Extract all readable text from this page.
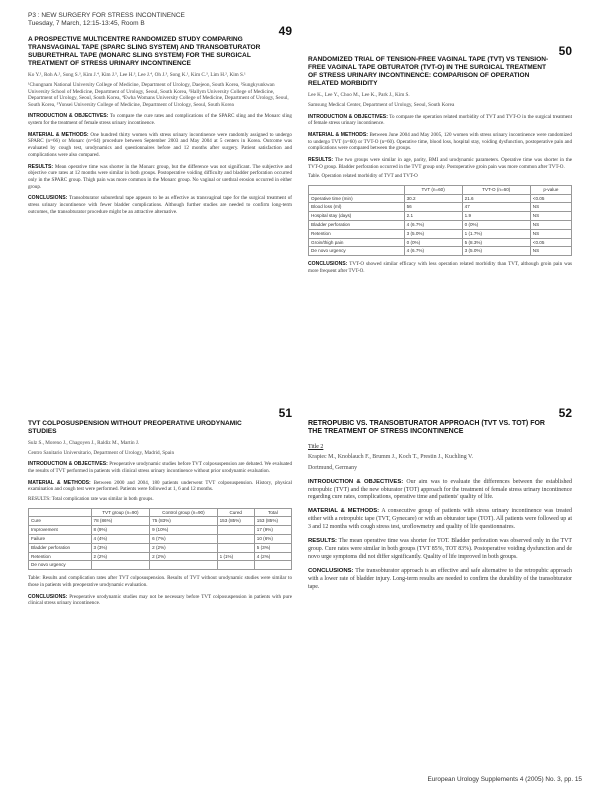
P3 : NEW SURGERY FOR STRESS INCONTINENCE
Tuesday, 7 March, 12:15-13:45, Room B
49
A PROSPECTIVE MULTICENTRE RANDOMIZED STUDY COMPARING TRANSVAGINAL TAPE (SPARC SLING SYSTEM) AND TRANSOBTURATOR SUBURETHRAL TAPE (MONARC SLING SYSTEM) FOR THE SURGICAL TREATMENT OF STRESS URINARY INCONTINENCE
Ko Y.¹, Roh A.², Song S.³, Kim J.⁴, Kim J.⁵, Lee H.³, Lee J.⁴, Oh J.³, Song K.¹, Kim C.³, Lim H.², Kim S.¹
¹Chungnam National University College of Medicine, Department of Urology, Daejeon, South Korea, ²Sungkyunkwan University School of Medicine, Department of Urology, Seoul, South Korea, ³Hallym University College of Medicine, Department of Urology, Seoul, South Korea, ⁴Ewha Womans University College of Medicine, Department of Urology, Seoul, South Korea, ⁵Yonsei University College of Medicine, Department of Urology, Seoul, South Korea
INTRODUCTION & OBJECTIVES: To compare the cure rates and complications of the SPARC sling and the Monarc sling system for the treatment of female stress urinary incontinence.
MATERIAL & METHODS: One hundred thirty women with stress urinary incontinence were randomly assigned to undergo SPARC (n=66) or Monarc (n=64) procedure between September 2003 and May 2004 at 5 centers in Korea. Outcome was evaluated by cough test, urodynamics and questionnaires before and 12 months after surgery. Patient satisfaction and complications were also compared.
RESULTS: Mean operative time was shorter in the Monarc group, but the difference was not significant. The subjective and objective cure rates at 12 months were similar in both groups. Postoperative voiding difficulty and bladder perforation occurred only in the SPARC group. Thigh pain was more common in the Monarc group. No vaginal or urethral erosion occurred in either group.
CONCLUSIONS: Transobturator suburethral tape appears to be as effective as transvaginal tape for the surgical treatment of stress urinary incontinence with fewer bladder complications. Although further studies are needed to confirm long-term outcomes, the transobturator procedure might be an attractive alternative.
50
RANDOMIZED TRIAL OF TENSION-FREE VAGINAL TAPE (TVT) VS TENSION-FREE VAGINAL TAPE OBTURATOR (TVT-O) IN THE SURGICAL TREATMENT OF STRESS URINARY INCONTINENCE: COMPARISON OF OPERATION RELATED MORBIDITY
Lee K., Lee Y., Choo M., Lee K., Park J., Kim S.
Samsung Medical Center, Department of Urology, Seoul, South Korea
INTRODUCTION & OBJECTIVES: To compare the operation related morbidity of TVT and TVT-O in the surgical treatment of female stress urinary incontinence.
MATERIAL & METHODS: Between June 2004 and May 2005, 120 women with stress urinary incontinence were randomized to undergo TVT (n=60) or TVT-O (n=60). Operative time, blood loss, hospital stay, voiding dysfunction, postoperative pain and complications were compared between the groups.
RESULTS: The two groups were similar in age, parity, BMI and urodynamic parameters. Operative time was shorter in the TVT-O group. Bladder perforation occurred in the TVT group only. Postoperative groin pain was more common after TVT-O.
Table. Operation related morbidity of TVT and TVT-O
	TVT (n=60)	TVT-O (n=60)	p-value
Operative time (min)	30.2	21.6	<0.05
Blood loss (ml)	56	47	NS
Hospital stay (days)	2.1	1.9	NS
Bladder perforation	4 (6.7%)	0 (0%)	NS
Retention	3 (5.0%)	1 (1.7%)	NS
Groin/thigh pain	0 (0%)	5 (8.3%)	<0.05
De novo urgency	4 (6.7%)	3 (5.0%)	NS
CONCLUSIONS: TVT-O showed similar efficacy with less operation related morbidity than TVT, although groin pain was more frequent after TVT-O.
51
TVT COLPOSUSPENSION WITHOUT PREOPERATIVE URODYNAMIC STUDIES
Sulz S., Moreno J., Chagoyen J., Raldiz M., Martin J.
Centro Sanitario Universitario, Department of Urology, Madrid, Spain
INTRODUCTION & OBJECTIVES: Preoperative urodynamic studies before TVT colposuspension are debated. We evaluated the results of TVT performed in patients with clinical stress urinary incontinence without prior urodynamic evaluation.
MATERIAL & METHODS: Between 2000 and 2004, 180 patients underwent TVT colposuspension. History, physical examination and cough test were performed. Patients were followed at 1, 6 and 12 months.
RESULTS: Total complication rate was similar in both groups.
	TVT group (n=90)	Control group (n=90)	Cured	Total
Cure	78 (86%)	75 (83%)	153 (85%)	153 (85%)
Improvement	8 (9%)	9 (10%)		17 (9%)
Failure	4 (4%)	6 (7%)		10 (6%)
Bladder perforation	3 (3%)	2 (2%)		5 (3%)
Retention	2 (2%)	2 (2%)	1 (1%)	4 (2%)
De novo urgency				
Table: Results and complication rates after TVT colposuspension. Results of TVT without urodynamic studies were similar to those in patients with preoperative urodynamic evaluation.
CONCLUSIONS: Preoperative urodynamic studies may not be necessary before TVT colposuspension in patients with pure clinical stress urinary incontinence.
52
RETROPUBIC VS. TRANSOBTURATOR APPROACH (TVT VS. TOT) FOR THE TREATMENT OF STRESS INCONTINENCE
Title 2
Krapiec M., Knoblauch F., Brumm J., Koch T., Prestin J., Kuchling V.
Dortmund, Germany
INTRODUCTION & OBJECTIVES: Our aim was to evaluate the differences between the established retropubic (TVT) and the new obturator (TOT) approach for the treatment of female stress urinary incontinence regarding cure rates, complications, operative time and patients' quality of life.
MATERIAL & METHODS: A consecutive group of patients with stress urinary incontinence was treated either with a retropubic tape (TVT, Gynecare) or with an obturator tape (TOT). All patients were followed up at 3 and 12 months with cough stress test, uroflowmetry and quality of life questionnaires.
RESULTS: The mean operative time was shorter for TOT. Bladder perforation was observed only in the TVT group. Cure rates were similar in both groups (TVT 85%, TOT 83%). Postoperative voiding dysfunction and de novo urge symptoms did not differ significantly. Quality of life improved in both groups.
CONCLUSIONS: The transobturator approach is an effective and safe alternative to the retropubic approach with a lower rate of bladder injury. Long-term results are needed to confirm the durability of the transobturator tape.
European Urology Supplements 4 (2005) No. 3, pp. 15
